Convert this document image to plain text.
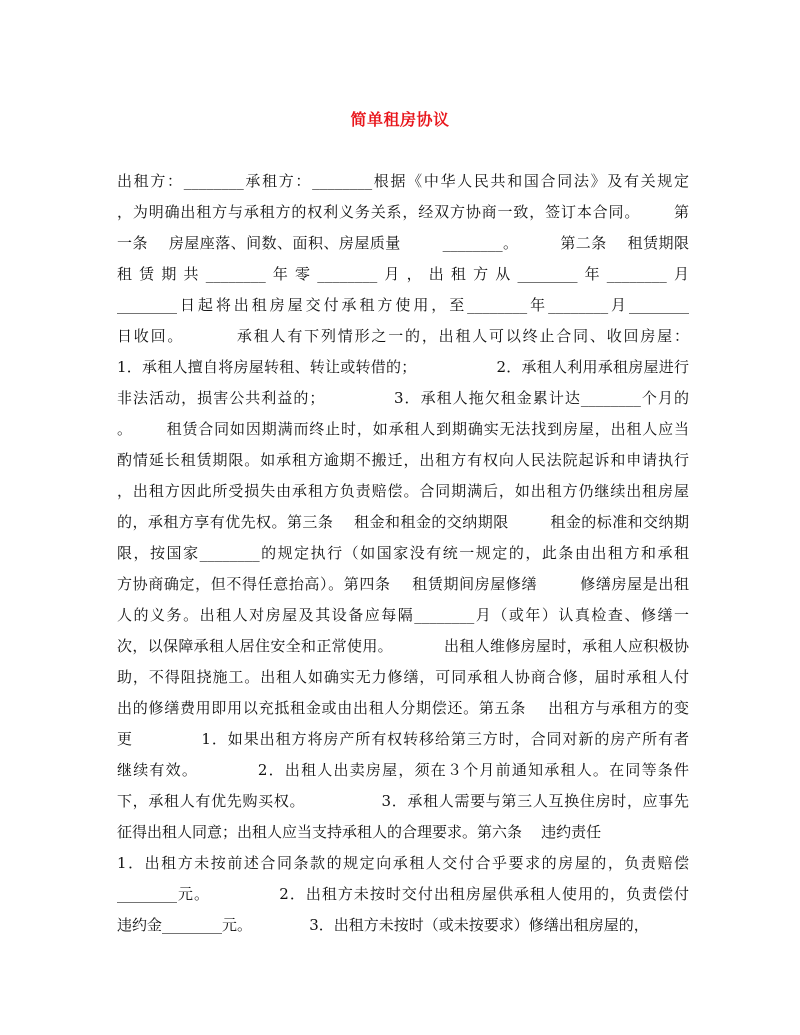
简单租房协议
出租方：________承租方：________根据《中华人民共和国合同法》及有关规定
，为明确出租方与承租方的权利义务关系，经双方协商一致，签订本合同。      第
一条    房屋座落、间数、面积、房屋质量        ________。        第二条    租赁期限
租赁期共________年零________月，出租方从________年________月
________日起将出租房屋交付承租方使用，至________年________月________
日收回。        承租人有下列情形之一的，出租人可以终止合同、收回房屋：
1．承租人擅自将房屋转租、转让或转借的；                2．承租人利用承租房屋进行
非法活动，损害公共利益的；            3．承租人拖欠租金累计达________个月的
。      租赁合同如因期满而终止时，如承租人到期确实无法找到房屋，出租人应当
酌情延长租赁期限。如承租方逾期不搬迁，出租方有权向人民法院起诉和申请执行
，出租方因此所受损失由承租方负责赔偿。合同期满后，如出租方仍继续出租房屋
的，承租方享有优先权。第三条    租金和租金的交纳期限        租金的标准和交纳期
限，按国家________的规定执行（如国家没有统一规定的，此条由出租方和承租
方协商确定，但不得任意抬高）。第四条    租赁期间房屋修缮        修缮房屋是出租
人的义务。出租人对房屋及其设备应每隔________月（或年）认真检查、修缮一
次，以保障承租人居住安全和正常使用。          出租人维修房屋时，承租人应积极协
助，不得阻挠施工。出租人如确实无力修缮，可同承租人协商合修，届时承租人付
出的修缮费用即用以充抵租金或由出租人分期偿还。第五条    出租方与承租方的变
更            1．如果出租方将房产所有权转移给第三方时，合同对新的房产所有者
继续有效。          2．出租人出卖房屋，须在３个月前通知承租人。在同等条件
下，承租人有优先购买权。              3．承租人需要与第三人互换住房时，应事先
征得出租人同意；出租人应当支持承租人的合理要求。第六条    违约责任
1．出租方未按前述合同条款的规定向承租人交付合乎要求的房屋的，负责赔偿
________元。            2．出租方未按时交付出租房屋供承租人使用的，负责偿付
违约金________元。            3．出租方未按时（或未按要求）修缮出租房屋的，
